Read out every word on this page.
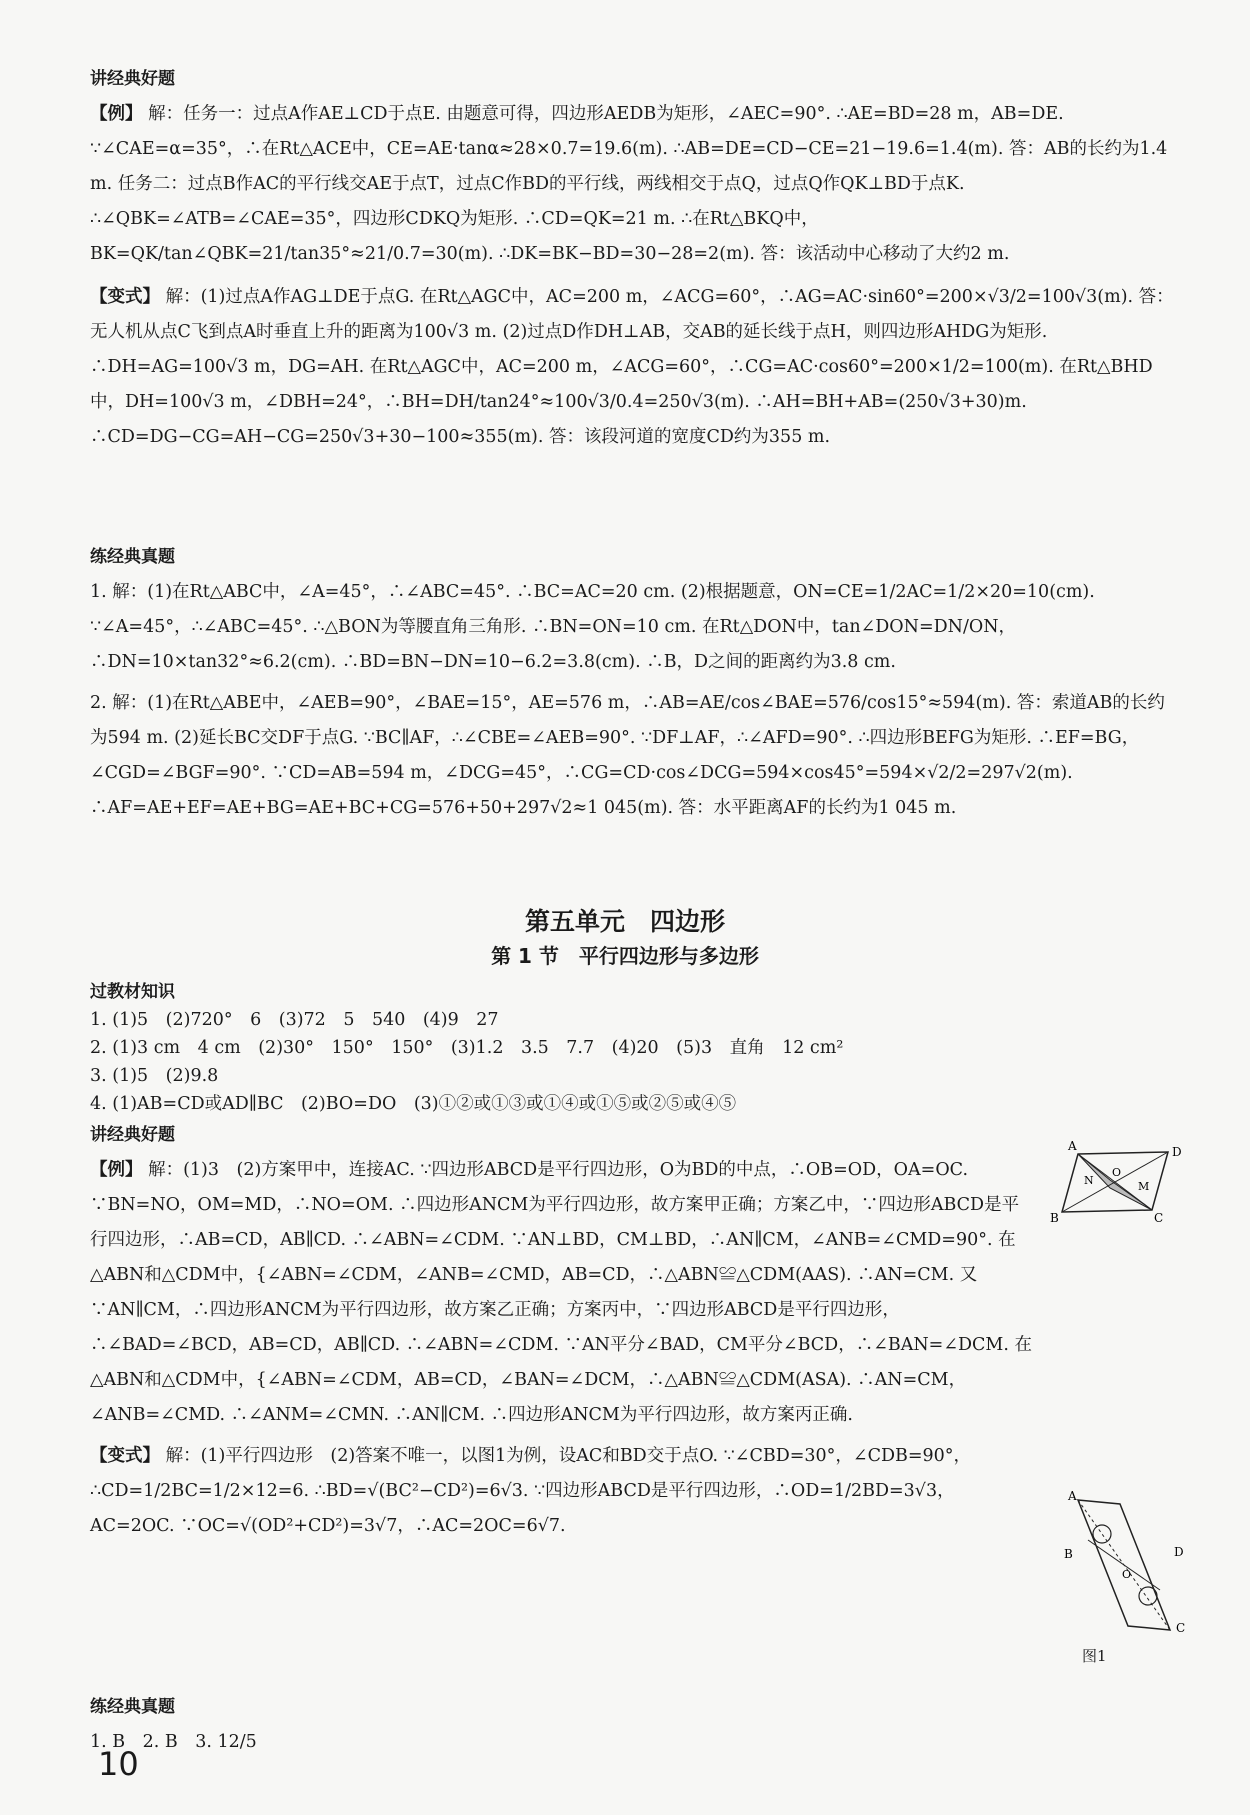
讲经典好题
【例】 解：任务一：过点A作AE⊥CD于点E. 由题意可得，四边形AEDB为矩形，∠AEC=90°. ∴AE=BD=28 m，AB=DE. ∵∠CAE=α=35°，∴在Rt△ACE中，CE=AE·tanα≈28×0.7=19.6(m). ∴AB=DE=CD−CE=21−19.6=1.4(m). 答：AB的长约为1.4 m. 任务二：过点B作AC的平行线交AE于点T，过点C作BD的平行线，两线相交于点Q，过点Q作QK⊥BD于点K. ∴∠QBK=∠ATB=∠CAE=35°，四边形CDKQ为矩形. ∴CD=QK=21 m. ∴在Rt△BKQ中，BK=QK/tan∠QBK=21/tan35°≈21/0.7=30(m). ∴DK=BK−BD=30−28=2(m). 答：该活动中心移动了大约2 m.
【变式】 解：(1)过点A作AG⊥DE于点G. 在Rt△AGC中，AC=200 m，∠ACG=60°，∴AG=AC·sin60°=200×√3/2=100√3(m). 答：无人机从点C飞到点A时垂直上升的距离为100√3 m. (2)过点D作DH⊥AB，交AB的延长线于点H，则四边形AHDG为矩形. ∴DH=AG=100√3 m，DG=AH. 在Rt△AGC中，AC=200 m，∠ACG=60°，∴CG=AC·cos60°=200×1/2=100(m). 在Rt△BHD中，DH=100√3 m，∠DBH=24°，∴BH=DH/tan24°≈100√3/0.4=250√3(m). ∴AH=BH+AB=(250√3+30)m. ∴CD=DG−CG=AH−CG=250√3+30−100≈355(m). 答：该段河道的宽度CD约为355 m.
练经典真题
1. 解：(1)在Rt△ABC中，∠A=45°，∴∠ABC=45°. ∴BC=AC=20 cm. (2)根据题意，ON=CE=1/2AC=1/2×20=10(cm). ∵∠A=45°，∴∠ABC=45°. ∴△BON为等腰直角三角形. ∴BN=ON=10 cm. 在Rt△DON中，tan∠DON=DN/ON，∴DN=10×tan32°≈6.2(cm). ∴BD=BN−DN=10−6.2=3.8(cm). ∴B，D之间的距离约为3.8 cm.
2. 解：(1)在Rt△ABE中，∠AEB=90°，∠BAE=15°，AE=576 m，∴AB=AE/cos∠BAE=576/cos15°≈594(m). 答：索道AB的长约为594 m. (2)延长BC交DF于点G. ∵BC∥AF，∴∠CBE=∠AEB=90°. ∵DF⊥AF，∴∠AFD=90°. ∴四边形BEFG为矩形. ∴EF=BG，∠CGD=∠BGF=90°. ∵CD=AB=594 m，∠DCG=45°，∴CG=CD·cos∠DCG=594×cos45°=594×√2/2=297√2(m). ∴AF=AE+EF=AE+BG=AE+BC+CG=576+50+297√2≈1 045(m). 答：水平距离AF的长约为1 045 m.
第五单元　四边形
第 1 节　平行四边形与多边形
过教材知识
1. (1)5　(2)720°　6　(3)72　5　540　(4)9　27
2. (1)3 cm　4 cm　(2)30°　150°　150°　(3)1.2　3.5　7.7　(4)20　(5)3　直角　12 cm²
3. (1)5　(2)9.8
4. (1)AB=CD或AD∥BC　(2)BO=DO　(3)①②或①③或①④或①⑤或②⑤或④⑤
讲经典好题
【例】 解：(1)3　(2)方案甲中，连接AC. ∵四边形ABCD是平行四边形，O为BD的中点，∴OB=OD，OA=OC. ∵BN=NO，OM=MD，∴NO=OM. ∴四边形ANCM为平行四边形，故方案甲正确；方案乙中，∵四边形ABCD是平行四边形，∴AB=CD，AB∥CD. ∴∠ABN=∠CDM. ∵AN⊥BD，CM⊥BD，∴AN∥CM，∠ANB=∠CMD=90°. 在△ABN和△CDM中，{∠ABN=∠CDM，∠ANB=∠CMD，AB=CD，∴△ABN≌△CDM(AAS). ∴AN=CM. 又∵AN∥CM，∴四边形ANCM为平行四边形，故方案乙正确；方案丙中，∵四边形ABCD是平行四边形，∴∠BAD=∠BCD，AB=CD，AB∥CD. ∴∠ABN=∠CDM. ∵AN平分∠BAD，CM平分∠BCD，∴∠BAN=∠DCM. 在△ABN和△CDM中，{∠ABN=∠CDM，AB=CD，∠BAN=∠DCM，∴△ABN≌△CDM(ASA). ∴AN=CM，∠ANB=∠CMD. ∴∠ANM=∠CMN. ∴AN∥CM. ∴四边形ANCM为平行四边形，故方案丙正确.
【变式】 解：(1)平行四边形　(2)答案不唯一，以图1为例，设AC和BD交于点O. ∵∠CBD=30°，∠CDB=90°，∴CD=1/2BC=1/2×12=6. ∴BD=√(BC²−CD²)=6√3. ∵四边形ABCD是平行四边形，∴OD=1/2BD=3√3，AC=2OC. ∵OC=√(OD²+CD²)=3√7，∴AC=2OC=6√7.
A	D
B	C
N
O
M
A
B	D
C
O
图1
练经典真题
1. B　2. B　3. 12/5
10
